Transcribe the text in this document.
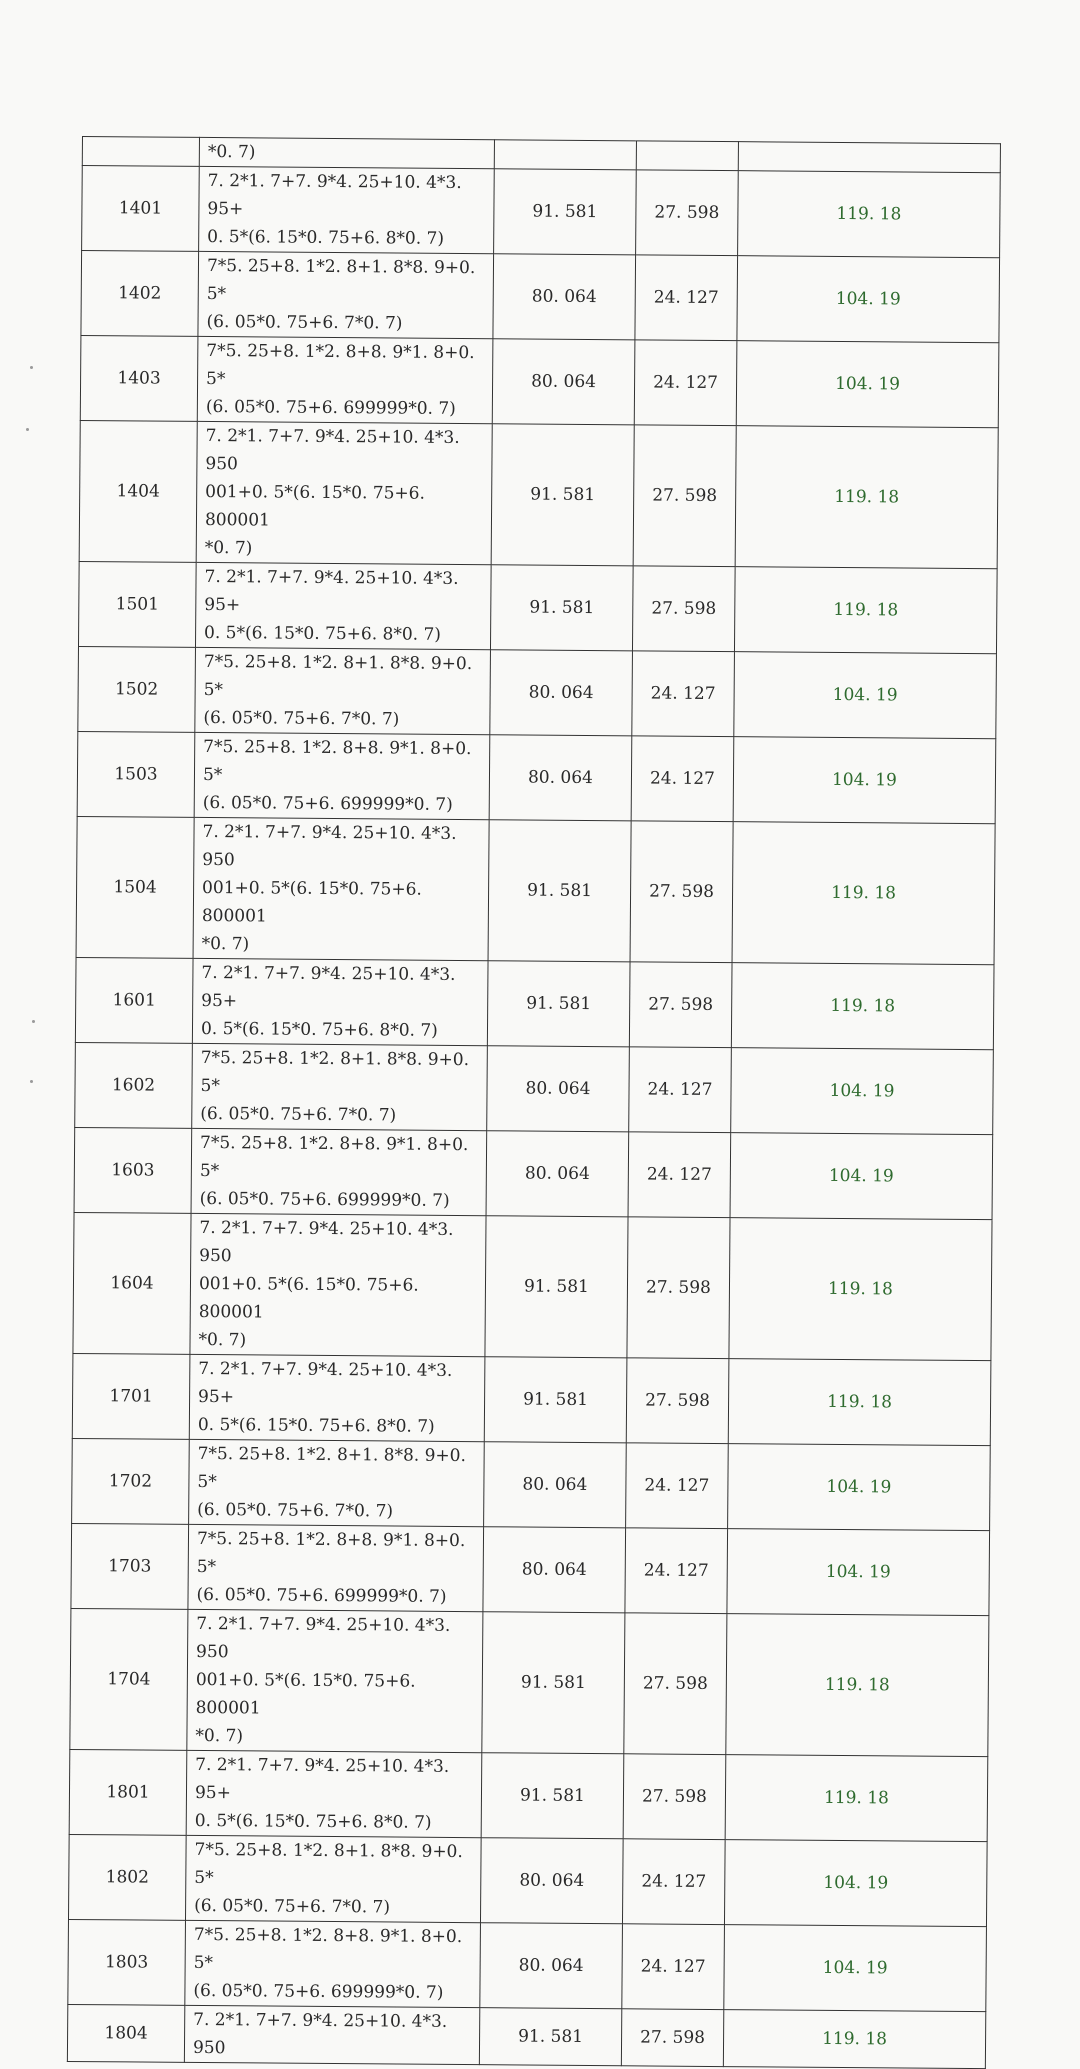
	*0. 7)			
1401	7. 2*1. 7+7. 9*4. 25+10. 4*3. 95+
0. 5*(6. 15*0. 75+6. 8*0. 7)	91. 581	27. 598	119. 18
1402	7*5. 25+8. 1*2. 8+1. 8*8. 9+0. 5*
(6. 05*0. 75+6. 7*0. 7)	80. 064	24. 127	104. 19
1403	7*5. 25+8. 1*2. 8+8. 9*1. 8+0. 5*
(6. 05*0. 75+6. 699999*0. 7)	80. 064	24. 127	104. 19
1404	7. 2*1. 7+7. 9*4. 25+10. 4*3. 950
001+0. 5*(6. 15*0. 75+6. 800001
*0. 7)	91. 581	27. 598	119. 18
1501	7. 2*1. 7+7. 9*4. 25+10. 4*3. 95+
0. 5*(6. 15*0. 75+6. 8*0. 7)	91. 581	27. 598	119. 18
1502	7*5. 25+8. 1*2. 8+1. 8*8. 9+0. 5*
(6. 05*0. 75+6. 7*0. 7)	80. 064	24. 127	104. 19
1503	7*5. 25+8. 1*2. 8+8. 9*1. 8+0. 5*
(6. 05*0. 75+6. 699999*0. 7)	80. 064	24. 127	104. 19
1504	7. 2*1. 7+7. 9*4. 25+10. 4*3. 950
001+0. 5*(6. 15*0. 75+6. 800001
*0. 7)	91. 581	27. 598	119. 18
1601	7. 2*1. 7+7. 9*4. 25+10. 4*3. 95+
0. 5*(6. 15*0. 75+6. 8*0. 7)	91. 581	27. 598	119. 18
1602	7*5. 25+8. 1*2. 8+1. 8*8. 9+0. 5*
(6. 05*0. 75+6. 7*0. 7)	80. 064	24. 127	104. 19
1603	7*5. 25+8. 1*2. 8+8. 9*1. 8+0. 5*
(6. 05*0. 75+6. 699999*0. 7)	80. 064	24. 127	104. 19
1604	7. 2*1. 7+7. 9*4. 25+10. 4*3. 950
001+0. 5*(6. 15*0. 75+6. 800001
*0. 7)	91. 581	27. 598	119. 18
1701	7. 2*1. 7+7. 9*4. 25+10. 4*3. 95+
0. 5*(6. 15*0. 75+6. 8*0. 7)	91. 581	27. 598	119. 18
1702	7*5. 25+8. 1*2. 8+1. 8*8. 9+0. 5*
(6. 05*0. 75+6. 7*0. 7)	80. 064	24. 127	104. 19
1703	7*5. 25+8. 1*2. 8+8. 9*1. 8+0. 5*
(6. 05*0. 75+6. 699999*0. 7)	80. 064	24. 127	104. 19
1704	7. 2*1. 7+7. 9*4. 25+10. 4*3. 950
001+0. 5*(6. 15*0. 75+6. 800001
*0. 7)	91. 581	27. 598	119. 18
1801	7. 2*1. 7+7. 9*4. 25+10. 4*3. 95+
0. 5*(6. 15*0. 75+6. 8*0. 7)	91. 581	27. 598	119. 18
1802	7*5. 25+8. 1*2. 8+1. 8*8. 9+0. 5*
(6. 05*0. 75+6. 7*0. 7)	80. 064	24. 127	104. 19
1803	7*5. 25+8. 1*2. 8+8. 9*1. 8+0. 5*
(6. 05*0. 75+6. 699999*0. 7)	80. 064	24. 127	104. 19
1804	7. 2*1. 7+7. 9*4. 25+10. 4*3. 950	91. 581	27. 598	119. 18
